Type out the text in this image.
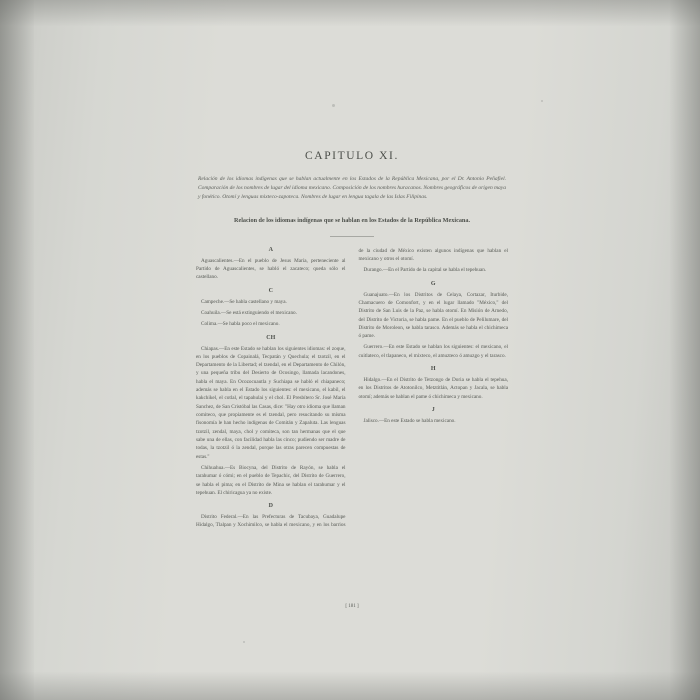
CAPITULO XI.
Relación de los idiomas indígenas que se hablan actualmente en los Estados de la República Mexicana, por el Dr. Antonio Peñafiel. Comparación de los nombres de lugar del idioma mexicano. Composición de los nombres huracanos. Nombres geográficos de origen maya y fonético. Otomí y lenguas mixteco-zapoteca. Nombres de lugar en lengua tagala de las Islas Filipinas.
Relacion de los idiomas indígenas que se hablan en los Estados de la República Mexicana.
A

Aguascalientes.—En el pueblo de Jesus María, perteneciente al Partido de Aguascalientes, se habló el zacateco; queda sólo el castellano.

C

Campeche.—Se habla castellano y maya.

Coahuila.—Se está extinguiendo el mexicano.

Colima.—Se habla poco el mexicano.

CH

Chiapas.—En este Estado se hablan los siguientes idiomas: el zoque, en los pueblos de Copainalá, Tecpatán y Quechula; el tzotzil, en el Departamento de la Libertad; el tzendal, en el Departamento de Chilón, y una pequeña tribu del Desierto de Ocosingo, llamada lacandones, habla el maya. En Ocozocuautla y Suchiapa se habló el chiapaneco; además se habla en el Estado los siguientes: el mexicano, el kabil, el kakchikel, el cotlal, el tapahulai y el chol. El Presbítero Sr. José María Sanchez, de San Cristóbal las Casas, dice: "Hay otro idioma que llaman comiteco, que propiamente es el tzendal, pero resucitando su mísma fisonomía le han hecho indígenas de Comitán y Zapaluta. Las lenguas tzotzil, zendal, maya, chol y comiteca, son tan hermanas que el que sabe una de ellas, con facilidad habla las cinco; pudiendo ser madre de todas, la tzotzil ó la zendal, porque las otras parecen compuestas de estas."

Chihuahua.—Es Biocyna, del Distrito de Rayón, se habla el tarahumar ó cómi; en el pueblo de Tepachic, del Distrito de Guerrero, se habla el pima; en el Distrito de Mina se hablan el tarahumar y el tepehuan. El chiricagua ya no existe.

D

Distrito Federal.—En las Prefecturas de Tacubaya, Guadalupe Hidalgo, Tlalpan y Xochimilco, se habla el mexicano, y en los barrios de la ciudad de México existen algunos indígenas que hablan el mexicano y otros el otomí.

Durango.—En el Partido de la capital se habla el tepehuan.

G

Guanajuato.—En los Distritos de Celaya, Cortazar, Iturbide, Chamacuero de Comonfort, y en el lugar llamado "México," del Distrito de San Luis de la Paz, se habla otomí. En Misión de Arnedo, del Distrito de Victoria, se habla pame. En el pueblo de Pelilumare, del Distrito de Moroleon, se habla tarasco. Además se habla el chichimeca ó pame.

Guerrero.—En este Estado se hablan los siguientes: el mexicano, el cuitlateco, el tlapaneco, el mixteco, el amuzteco ó amuzgo y el tarasco.

H

Hidalgo.—En el Distrito de Tetzongo de Doria se habla el tepehua, en los Distritos de Atotonilco, Metztitlán, Actopan y Jacala, se habla otomí; además se hablan el pame ó chichimeca y mexicano.

J

Jalisco.—En este Estado se habla mexicano.

[ 181 ]
